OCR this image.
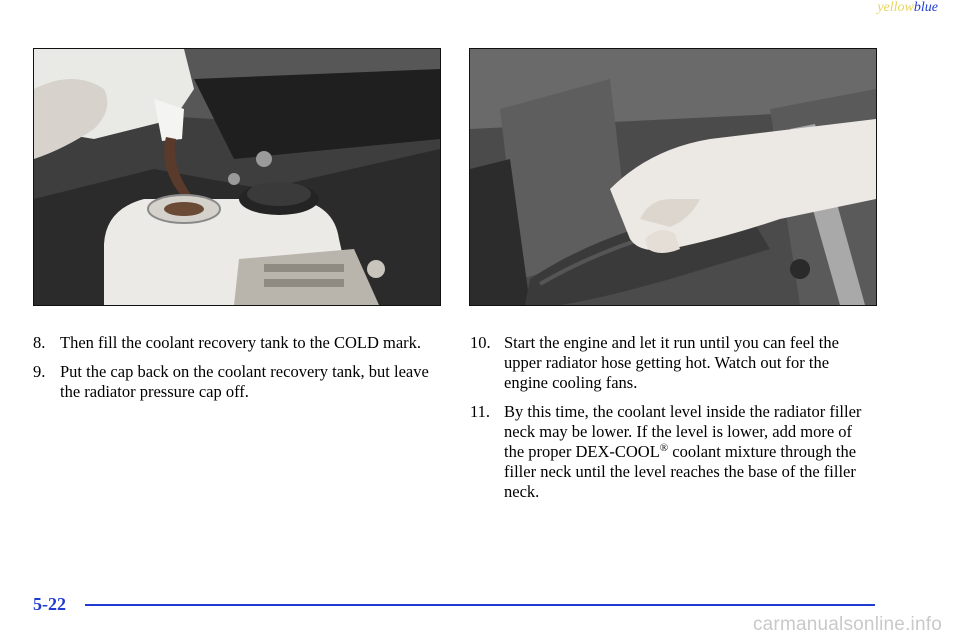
yellowblue
8. Then fill the coolant recovery tank to the COLD mark.
9. Put the cap back on the coolant recovery tank, but leave the radiator pressure cap off.
10. Start the engine and let it run until you can feel the upper radiator hose getting hot. Watch out for the engine cooling fans.
11. By this time, the coolant level inside the radiator filler neck may be lower. If the level is lower, add more of the proper DEX-COOL® coolant mixture through the filler neck until the level reaches the base of the filler neck.
5-22
carmanualsonline.info
